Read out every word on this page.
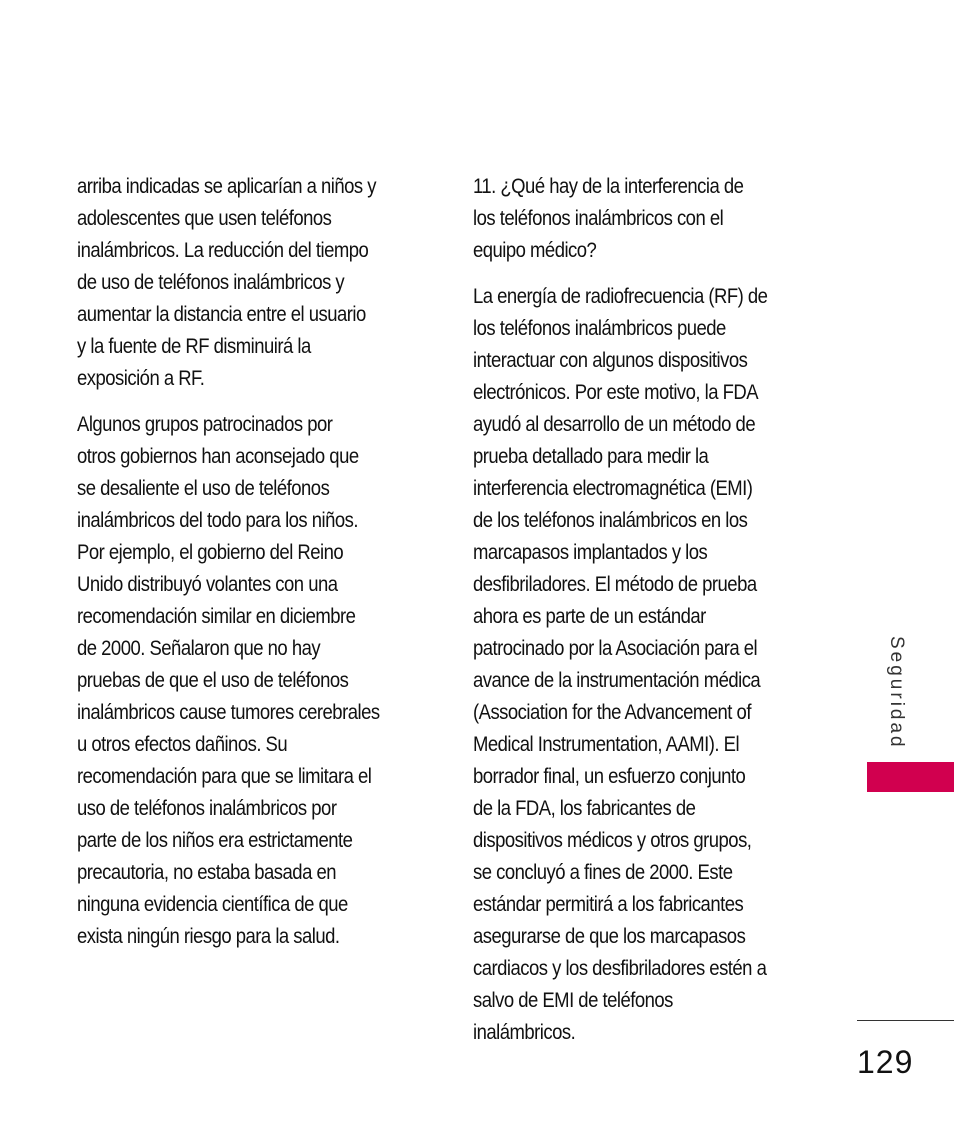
arriba indicadas se aplicarían a niños y
adolescentes que usen teléfonos
inalámbricos. La reducción del tiempo
de uso de teléfonos inalámbricos y
aumentar la distancia entre el usuario
y la fuente de RF disminuirá la
exposición a RF.
Algunos grupos patrocinados por
otros gobiernos han aconsejado que
se desaliente el uso de teléfonos
inalámbricos del todo para los niños.
Por ejemplo, el gobierno del Reino
Unido distribuyó volantes con una
recomendación similar en diciembre
de 2000. Señalaron que no hay
pruebas de que el uso de teléfonos
inalámbricos cause tumores cerebrales
u otros efectos dañinos. Su
recomendación para que se limitara el
uso de teléfonos inalámbricos por
parte de los niños era estrictamente
precautoria, no estaba basada en
ninguna evidencia científica de que
exista ningún riesgo para la salud.
11. ¿Qué hay de la interferencia de
los teléfonos inalámbricos con el
equipo médico?
La energía de radiofrecuencia (RF) de
los teléfonos inalámbricos puede
interactuar con algunos dispositivos
electrónicos. Por este motivo, la FDA
ayudó al desarrollo de un método de
prueba detallado para medir la
interferencia electromagnética (EMI)
de los teléfonos inalámbricos en los
marcapasos implantados y los
desfibriladores. El método de prueba
ahora es parte de un estándar
patrocinado por la Asociación para el
avance de la instrumentación médica
(Association for the Advancement of
Medical Instrumentation, AAMI). El
borrador final, un esfuerzo conjunto
de la FDA, los fabricantes de
dispositivos médicos y otros grupos,
se concluyó a fines de 2000. Este
estándar permitirá a los fabricantes
asegurarse de que los marcapasos
cardiacos y los desfibriladores estén a
salvo de EMI de teléfonos
inalámbricos.
Seguridad
129
